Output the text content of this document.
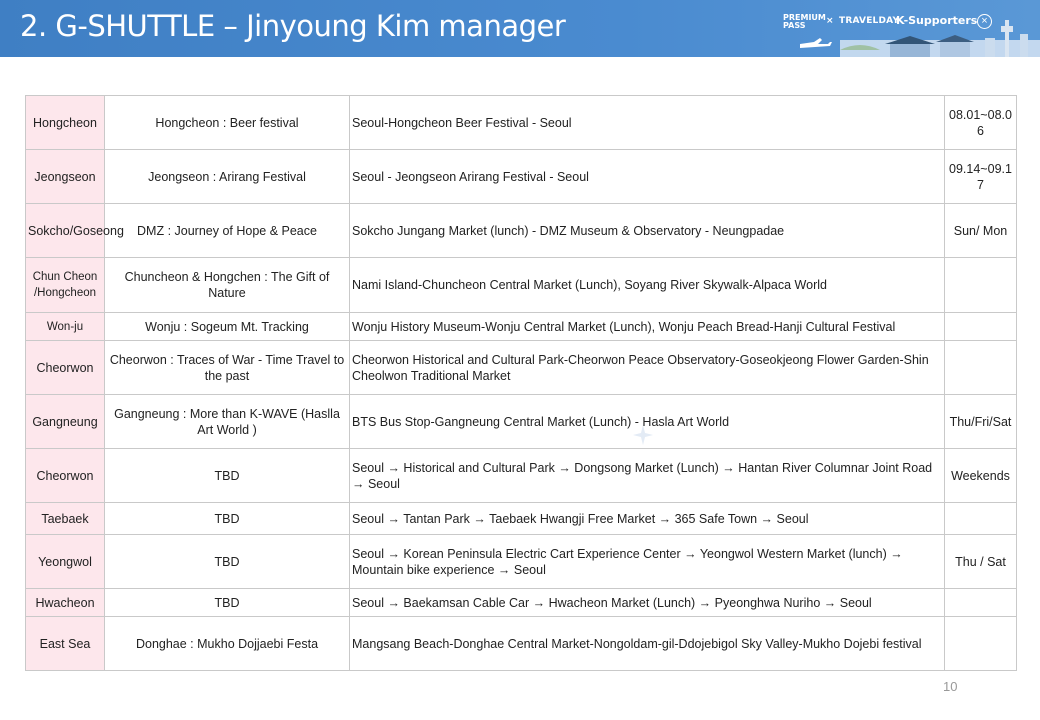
2. G-SHUTTLE – Jinyoung Kim manager	PREMIUM PASS	× TRAVELDAY
K-Supporters ×
Hongcheon	Hongcheon : Beer festival	Seoul-Hongcheon Beer Festival - Seoul	08.01~08.06
Jeongseon	Jeongseon : Arirang Festival	Seoul - Jeongseon Arirang Festival - Seoul	09.14~09.17
Sokcho/Goseong	DMZ : Journey of Hope & Peace	Sokcho Jungang Market (lunch) - DMZ Museum & Observatory - Neungpadae	Sun/ Mon
Chun Cheon /Hongcheon	Chuncheon & Hongchen : The Gift of Nature	Nami Island-Chuncheon Central Market (Lunch), Soyang River Skywalk-Alpaca World	
Won-ju	Wonju : Sogeum Mt. Tracking	Wonju History Museum-Wonju Central Market (Lunch), Wonju Peach Bread-Hanji Cultural Festival	
Cheorwon	Cheorwon : Traces of War - Time Travel to the past	Cheorwon Historical and Cultural Park-Cheorwon Peace Observatory-Goseokjeong Flower Garden-Shin Cheolwon Traditional Market	
Gangneung	Gangneung : More than K-WAVE (Haslla Art World )	BTS Bus Stop-Gangneung Central Market (Lunch) - Hasla Art World	Thu/Fri/Sat
Cheorwon	TBD	Seoul → Historical and Cultural Park → Dongsong Market (Lunch) → Hantan River Columnar Joint Road → Seoul	Weekends
Taebaek	TBD	Seoul → Tantan Park → Taebaek Hwangji Free Market → 365 Safe Town → Seoul	
Yeongwol	TBD	Seoul → Korean Peninsula Electric Cart Experience Center → Yeongwol Western Market (lunch) → Mountain bike experience → Seoul	Thu / Sat
Hwacheon	TBD	Seoul → Baekamsan Cable Car → Hwacheon Market (Lunch) → Pyeonghwa Nuriho → Seoul	
East Sea	Donghae : Mukho Dojjaebi Festa	Mangsang Beach-Donghae Central Market-Nongoldam-gil-Ddojebigol Sky Valley-Mukho Dojebi festival	
10
